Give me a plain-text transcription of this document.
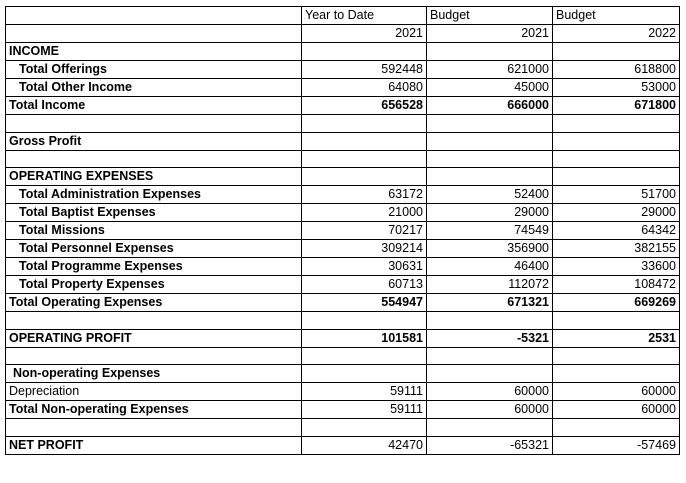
	Year to Date	Budget	Budget
	2021	2021	2022
INCOME			
Total Offerings	592448	621000	618800
Total Other Income	64080	45000	53000
Total Income	656528	666000	671800

Gross Profit			

OPERATING EXPENSES			
Total Administration Expenses	63172	52400	51700
Total Baptist Expenses	21000	29000	29000
Total Missions	70217	74549	64342
Total Personnel Expenses	309214	356900	382155
Total Programme Expenses	30631	46400	33600
Total Property Expenses	60713	112072	108472
Total Operating Expenses	554947	671321	669269

OPERATING PROFIT	101581	-5321	2531

Non-operating Expenses			
Depreciation	59111	60000	60000
Total Non-operating Expenses	59111	60000	60000

NET PROFIT	42470	-65321	-57469
